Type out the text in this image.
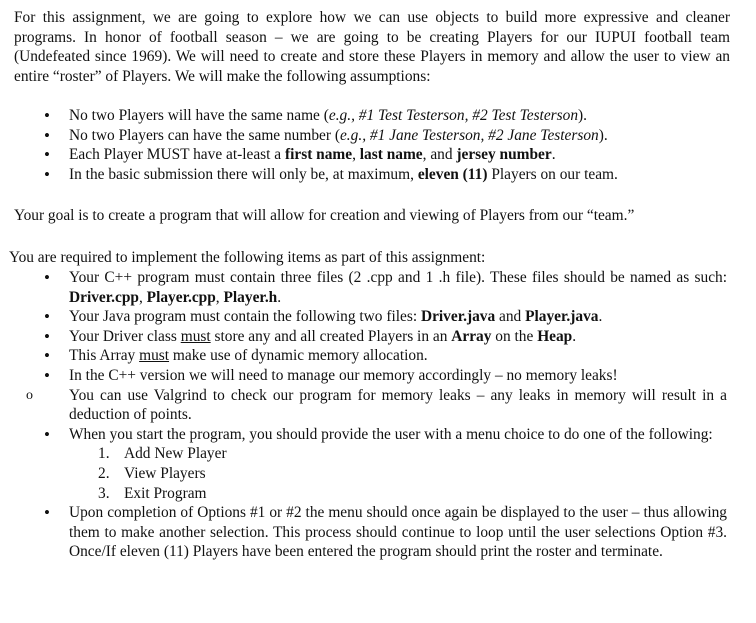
For this assignment, we are going to explore how we can use objects to build more expressive and cleaner programs. In honor of football season – we are going to be creating Players for our IUPUI football team (Undefeated since 1969). We will need to create and store these Players in memory and allow the user to view an entire “roster” of Players. We will make the following assumptions:

•
No two Players will have the same name (e.g., #1 Test Testerson, #2 Test Testerson).
•
No two Players can have the same number (e.g., #1 Jane Testerson, #2 Jane Testerson).
•
Each Player MUST have at-least a first name, last name, and jersey number.
•
In the basic submission there will only be, at maximum, eleven (11) Players on our team.

Your goal is to create a program that will allow for creation and viewing of Players from our “team.”

You are required to implement the following items as part of this assignment:

•
Your C++ program must contain three files (2 .cpp and 1 .h file). These files should be named as such: Driver.cpp, Player.cpp, Player.h.
•
Your Java program must contain the following two files: Driver.java and Player.java.
•
Your Driver class must store any and all created Players in an Array on the Heap.
•
This Array must make use of dynamic memory allocation.
•
In the C++ version we will need to manage our memory accordingly – no memory leaks!
o You can use Valgrind to check our program for memory leaks – any leaks in memory will result in a deduction of points.
•
When you start the program, you should provide the user with a menu choice to do one of the following:
1. Add New Player
2. View Players
3. Exit Program
•
Upon completion of Options #1 or #2 the menu should once again be displayed to the user – thus allowing them to make another selection. This process should continue to loop until the user selections Option #3. Once/If eleven (11) Players have been entered the program should print the roster and terminate.
